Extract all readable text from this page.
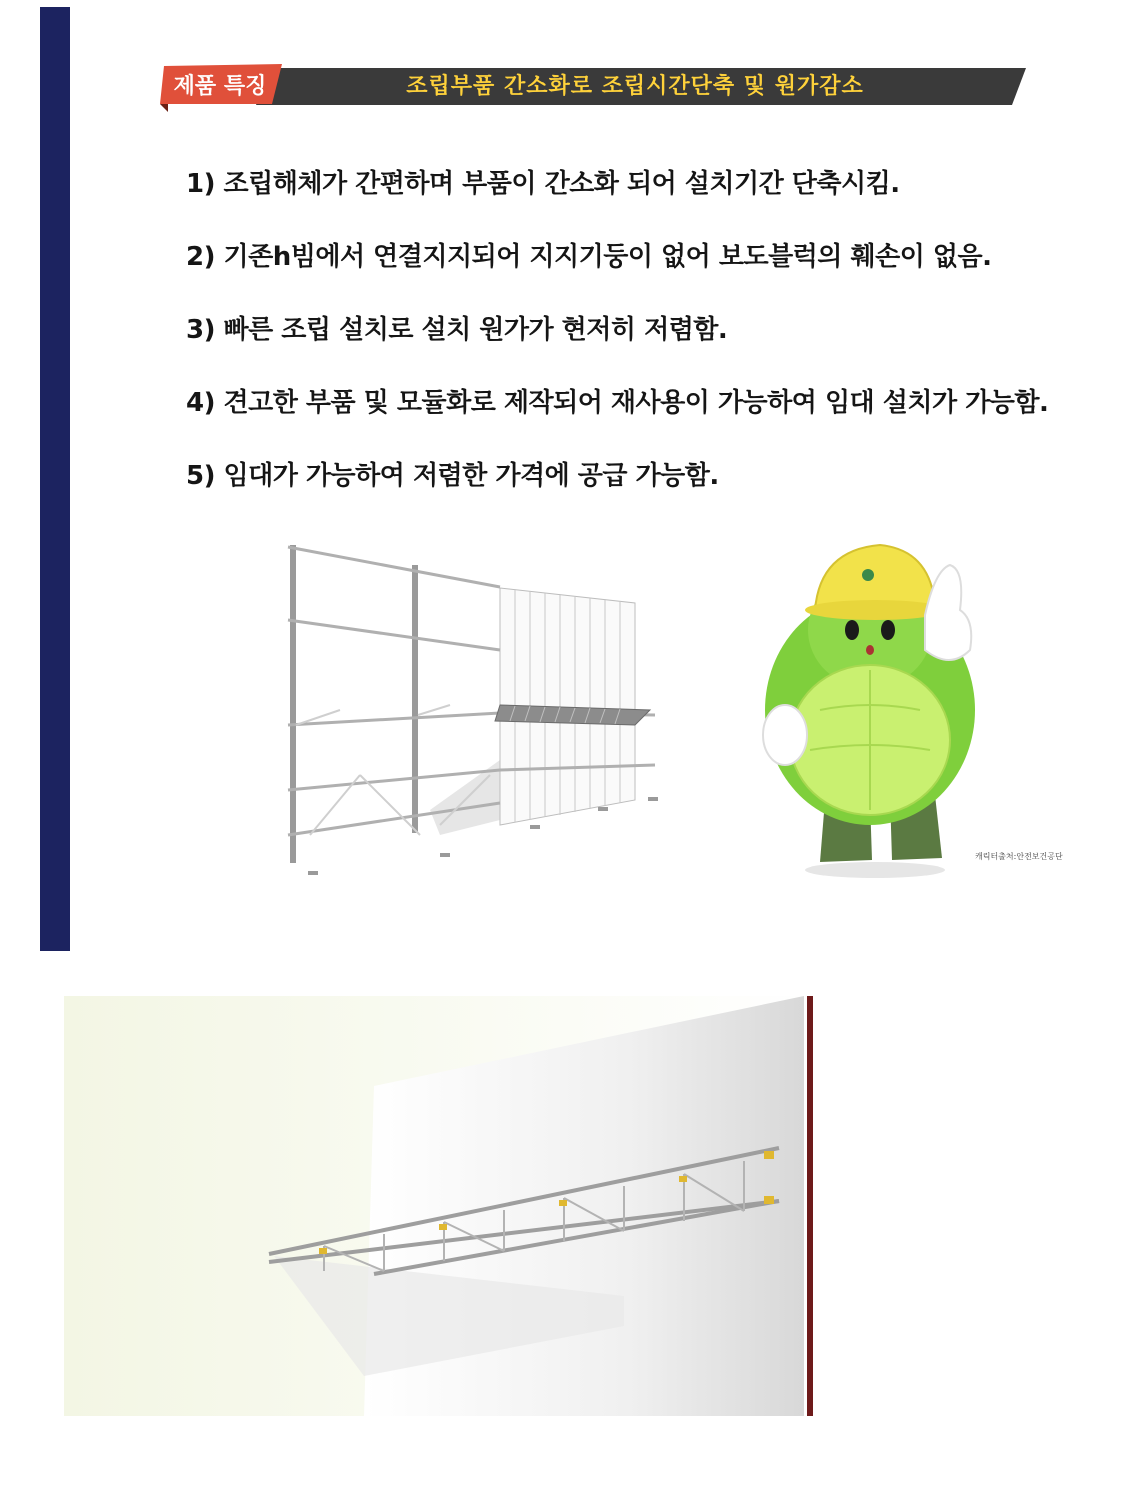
제품 특징	조립부품 간소화로 조립시간단축 및 원가감소
1) 조립해체가 간편하며 부품이 간소화 되어 설치기간 단축시킴.
2) 기존h빔에서 연결지지되어 지지기둥이 없어 보도블럭의 훼손이 없음.
3) 빠른 조립 설치로 설치 원가가 현저히 저렴함.
4) 견고한 부품 및 모듈화로 제작되어 재사용이 가능하여 임대 설치가 가능함.
5) 임대가 가능하여 저렴한 가격에 공급 가능함.
캐릭터출처:안전보건공단
